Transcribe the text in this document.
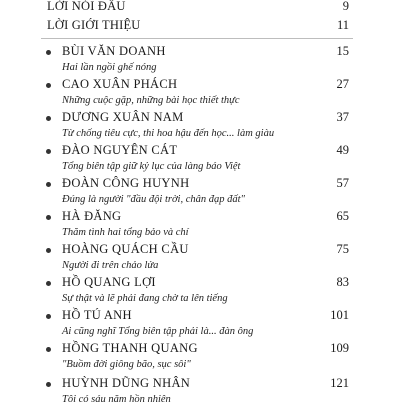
LỜI NÓI ĐẦU	9
LỜI GIỚI THIỆU	11
BÙI VĂN DOANH
Hai lần ngồi ghế nóng
15
CAO XUÂN PHÁCH
Những cuộc gặp, những bài học thiết thực
27
DƯƠNG XUÂN NAM
Từ chống tiêu cực, thi hoa hậu đến học... làm giàu
37
ĐÀO NGUYÊN CÁT
Tổng biên tập giữ kỷ lục của làng báo Việt
49
ĐOÀN CÔNG HUYNH
Đúng là người "đầu đội trời, chân đạp đất"
57
HÀ ĐĂNG
Thăm tình hai tổng bảo và chí
65
HOÀNG QUÁCH CẦU
Người đi trên chảo lửa
75
HỒ QUANG LỢI
Sự thật và lẽ phải đang chờ ta lên tiếng
83
HỒ TÚ ANH
Ai cũng nghĩ Tổng biên tập phải là... đàn ông
101
HỒNG THANH QUANG
"Buồm đời giông bão, sục sôi"
109
HUỲNH DŨNG NHÂN
Tôi có sáu năm hồn nhiên
121
